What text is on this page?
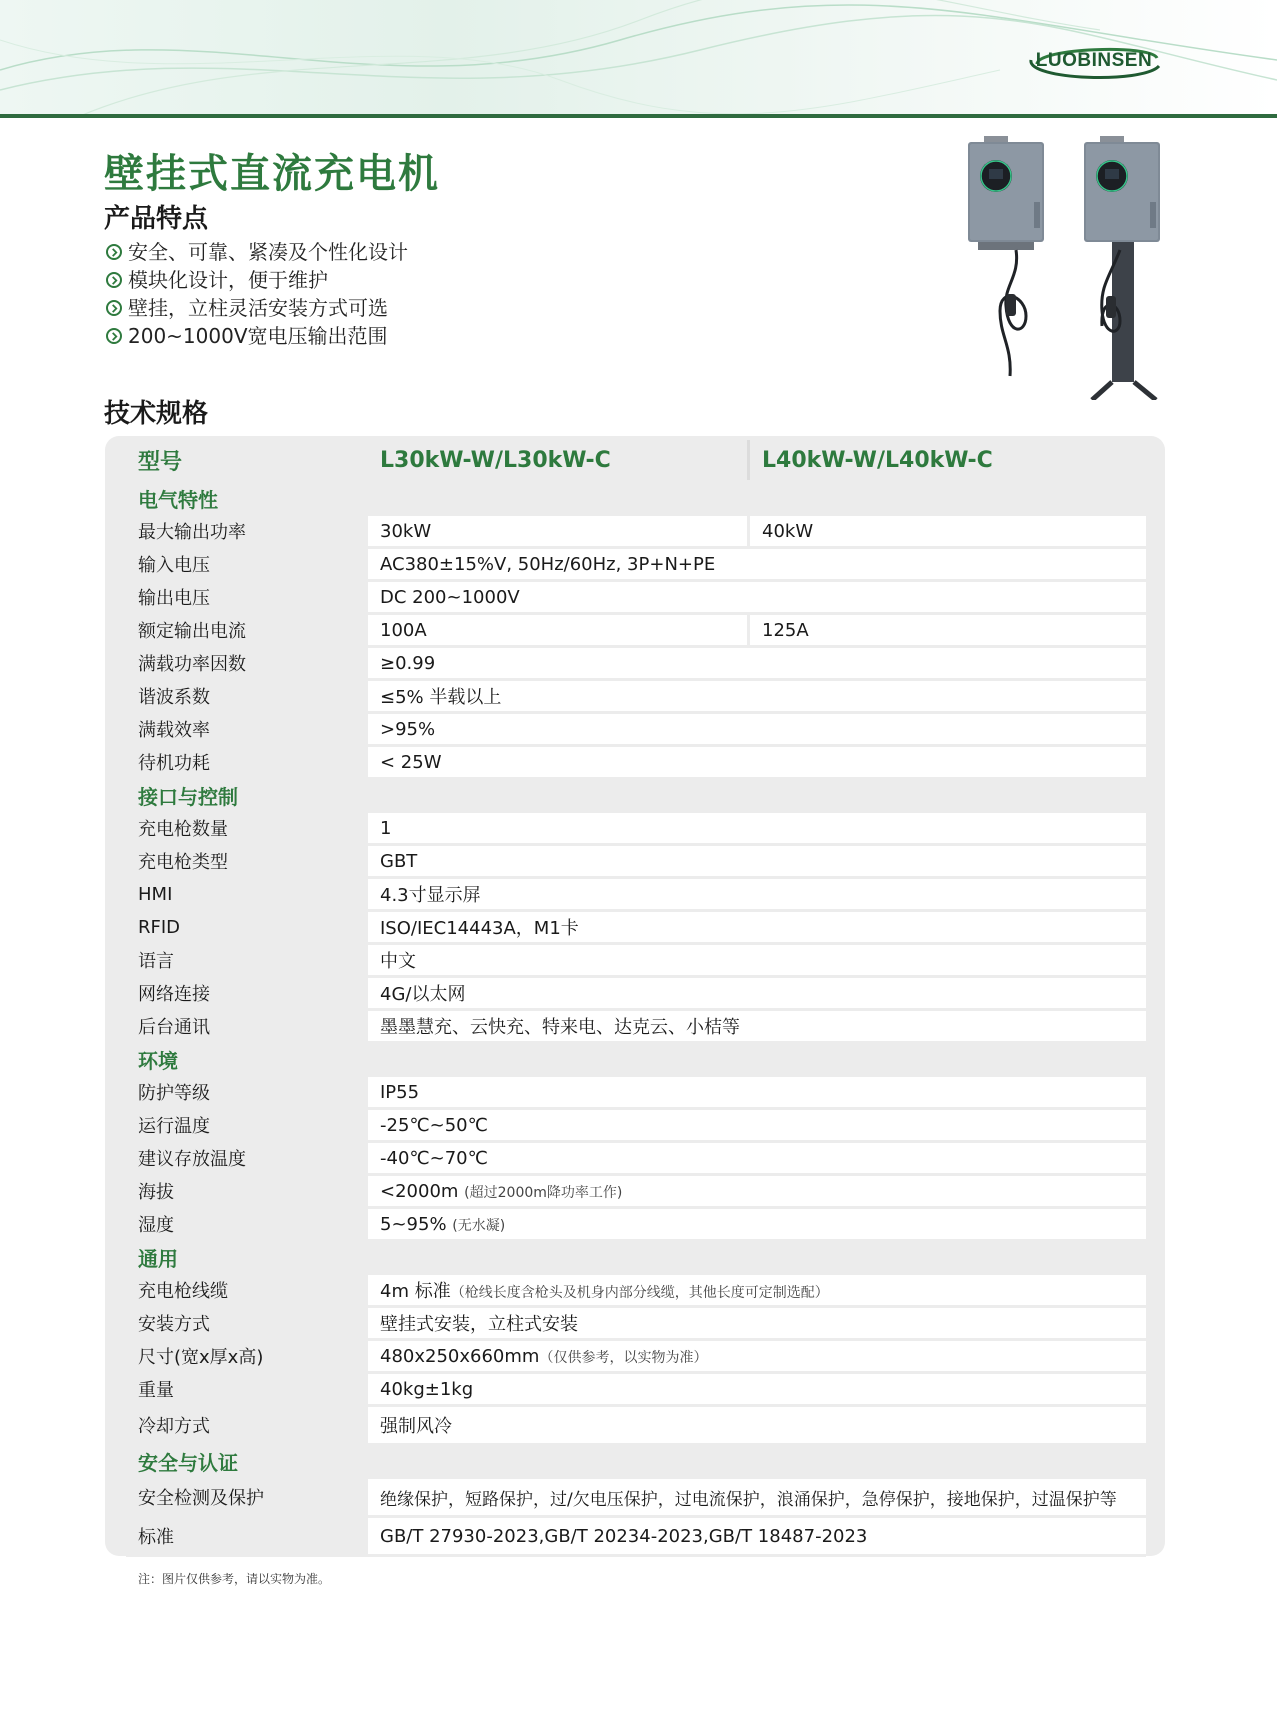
LUOBINSEN
壁挂式直流充电机
产品特点
安全、可靠、紧凑及个性化设计
模块化设计，便于维护
壁挂，立柱灵活安装方式可选
200~1000V宽电压输出范围
技术规格
型号	L30kW-W/L30kW-C	L40kW-W/L40kW-C
电气特性		
最大输出功率	30kW	40kW
输入电压	AC380±15%V, 50Hz/60Hz, 3P+N+PE	
输出电压	DC 200~1000V	
额定输出电流	100A	125A
满载功率因数	≥0.99	
谐波系数	≤5% 半载以上	
满载效率	>95%	
待机功耗	< 25W	
接口与控制		
充电枪数量	1	
充电枪类型	GBT	
HMI	4.3寸显示屏	
RFID	ISO/IEC14443A，M1卡	
语言	中文	
网络连接	4G/以太网	
后台通讯	墨墨慧充、云快充、特来电、达克云、小桔等	
环境		
防护等级	IP55	
运行温度	-25℃~50℃	
建议存放温度	-40℃~70℃	
海拔	<2000m (超过2000m降功率工作)	
湿度	5~95% (无水凝)	
通用		
充电枪线缆	4m 标准（枪线长度含枪头及机身内部分线缆，其他长度可定制选配）	
安装方式	壁挂式安装，立柱式安装	
尺寸(宽x厚x高)	480x250x660mm（仅供参考，以实物为准）	
重量	40kg±1kg	
冷却方式	强制风冷	
安全与认证		
安全检测及保护	绝缘保护，短路保护，过/欠电压保护，过电流保护，浪涌保护，急停保护，接地保护，过温保护等	
标准	GB/T 27930-2023,GB/T 20234-2023,GB/T 18487-2023	

注：图片仅供参考，请以实物为准。
